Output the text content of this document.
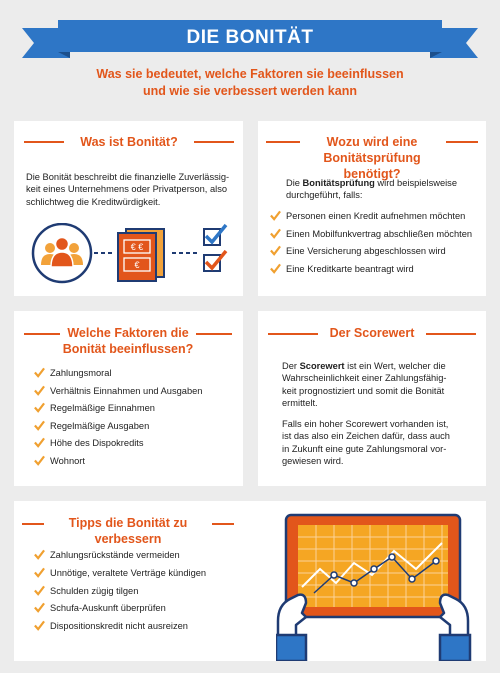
DIE BONITÄT
Was sie bedeutet, welche Faktoren sie beeinflussen
und wie sie verbessert werden kann
Was ist Bonität?
Die Bonität beschreibt die finanzielle Zuverlässig-
keit eines Unternehmens oder Privatperson, also
schlichtweg die Kreditwürdigkeit.
€ €
€
Wozu wird eine
Bonitätsprüfung benötigt?
Die Bonitätsprüfung wird beispielsweise
durchgeführt, falls:
Personen einen Kredit aufnehmen möchten
Einen Mobilfunkvertrag abschließen möchten
Eine Versicherung abgeschlossen wird
Eine Kreditkarte beantragt wird
Welche Faktoren die
Bonität beeinflussen?
Zahlungsmoral
Verhältnis Einnahmen und Ausgaben
Regelmäßige Einnahmen
Regelmäßige Ausgaben
Höhe des Dispokredits
Wohnort
Der Scorewert
Der Scorewert ist ein Wert, welcher die
Wahrscheinlichkeit einer Zahlungsfähig-
keit prognostiziert und somit die Bonität
ermittelt.
Falls ein hoher Scorewert vorhanden ist,
ist das also ein Zeichen dafür, dass auch
in Zukunft eine gute Zahlungsmoral vor-
gewiesen wird.
Tipps die Bonität zu verbessern
Zahlungsrückstände vermeiden
Unnötige, veraltete Verträge kündigen
Schulden zügig tilgen
Schufa-Auskunft überprüfen
Dispositionskredit nicht ausreizen
